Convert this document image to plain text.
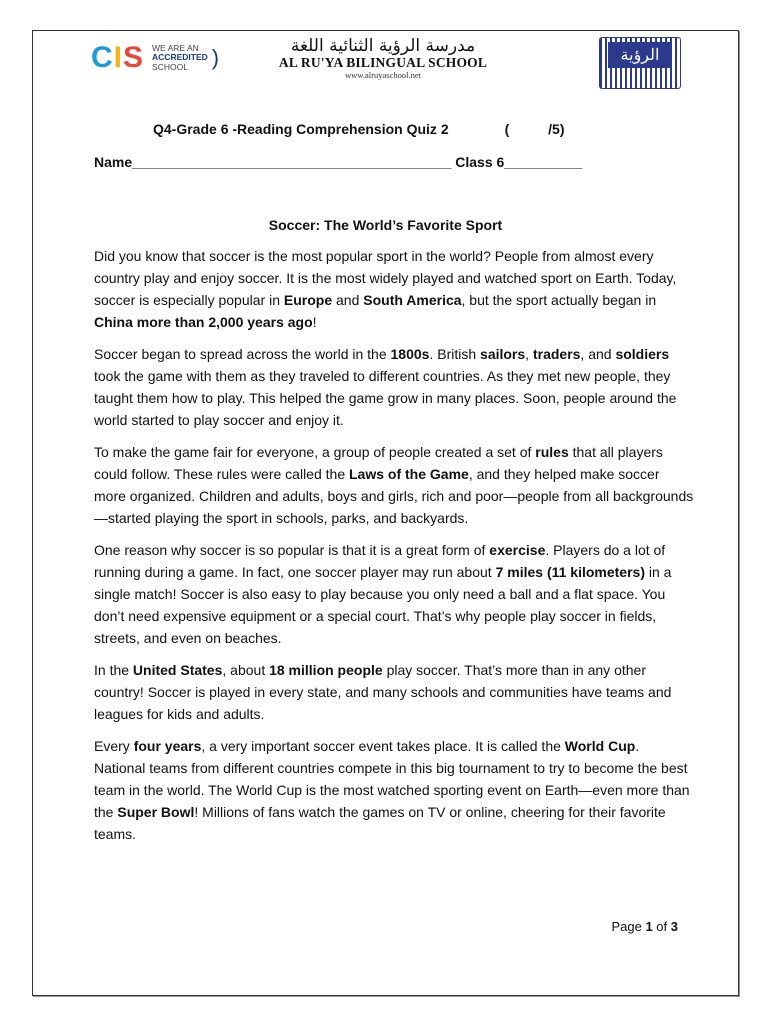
CIS WE ARE AN
ACCREDITED
SCHOOL	)	مدرسة الرؤية الثنائية اللغة
AL RU'YA BILINGUAL SCHOOL
www.alruyaschool.net
الرؤية
Q4-Grade 6 -Reading Comprehension Quiz 2	(          /5)
Name_________________________________________ Class 6__________
Soccer: The World’s Favorite Sport

Did you know that soccer is the most popular sport in the world? People from almost every country play and enjoy soccer. It is the most widely played and watched sport on Earth. Today, soccer is especially popular in Europe and South America, but the sport actually began in China more than 2,000 years ago!

Soccer began to spread across the world in the 1800s. British sailors, traders, and soldiers took the game with them as they traveled to different countries. As they met new people, they taught them how to play. This helped the game grow in many places. Soon, people around the world started to play soccer and enjoy it.

To make the game fair for everyone, a group of people created a set of rules that all players could follow. These rules were called the Laws of the Game, and they helped make soccer more organized. Children and adults, boys and girls, rich and poor—people from all backgrounds—started playing the sport in schools, parks, and backyards.

One reason why soccer is so popular is that it is a great form of exercise. Players do a lot of running during a game. In fact, one soccer player may run about 7 miles (11 kilometers) in a single match! Soccer is also easy to play because you only need a ball and a flat space. You don’t need expensive equipment or a special court. That’s why people play soccer in fields, streets, and even on beaches.

In the United States, about 18 million people play soccer. That’s more than in any other country! Soccer is played in every state, and many schools and communities have teams and leagues for kids and adults.

Every four years, a very important soccer event takes place. It is called the World Cup. National teams from different countries compete in this big tournament to try to become the best team in the world. The World Cup is the most watched sporting event on Earth—even more than the Super Bowl! Millions of fans watch the games on TV or online, cheering for their favorite teams.

Page 1 of 3
